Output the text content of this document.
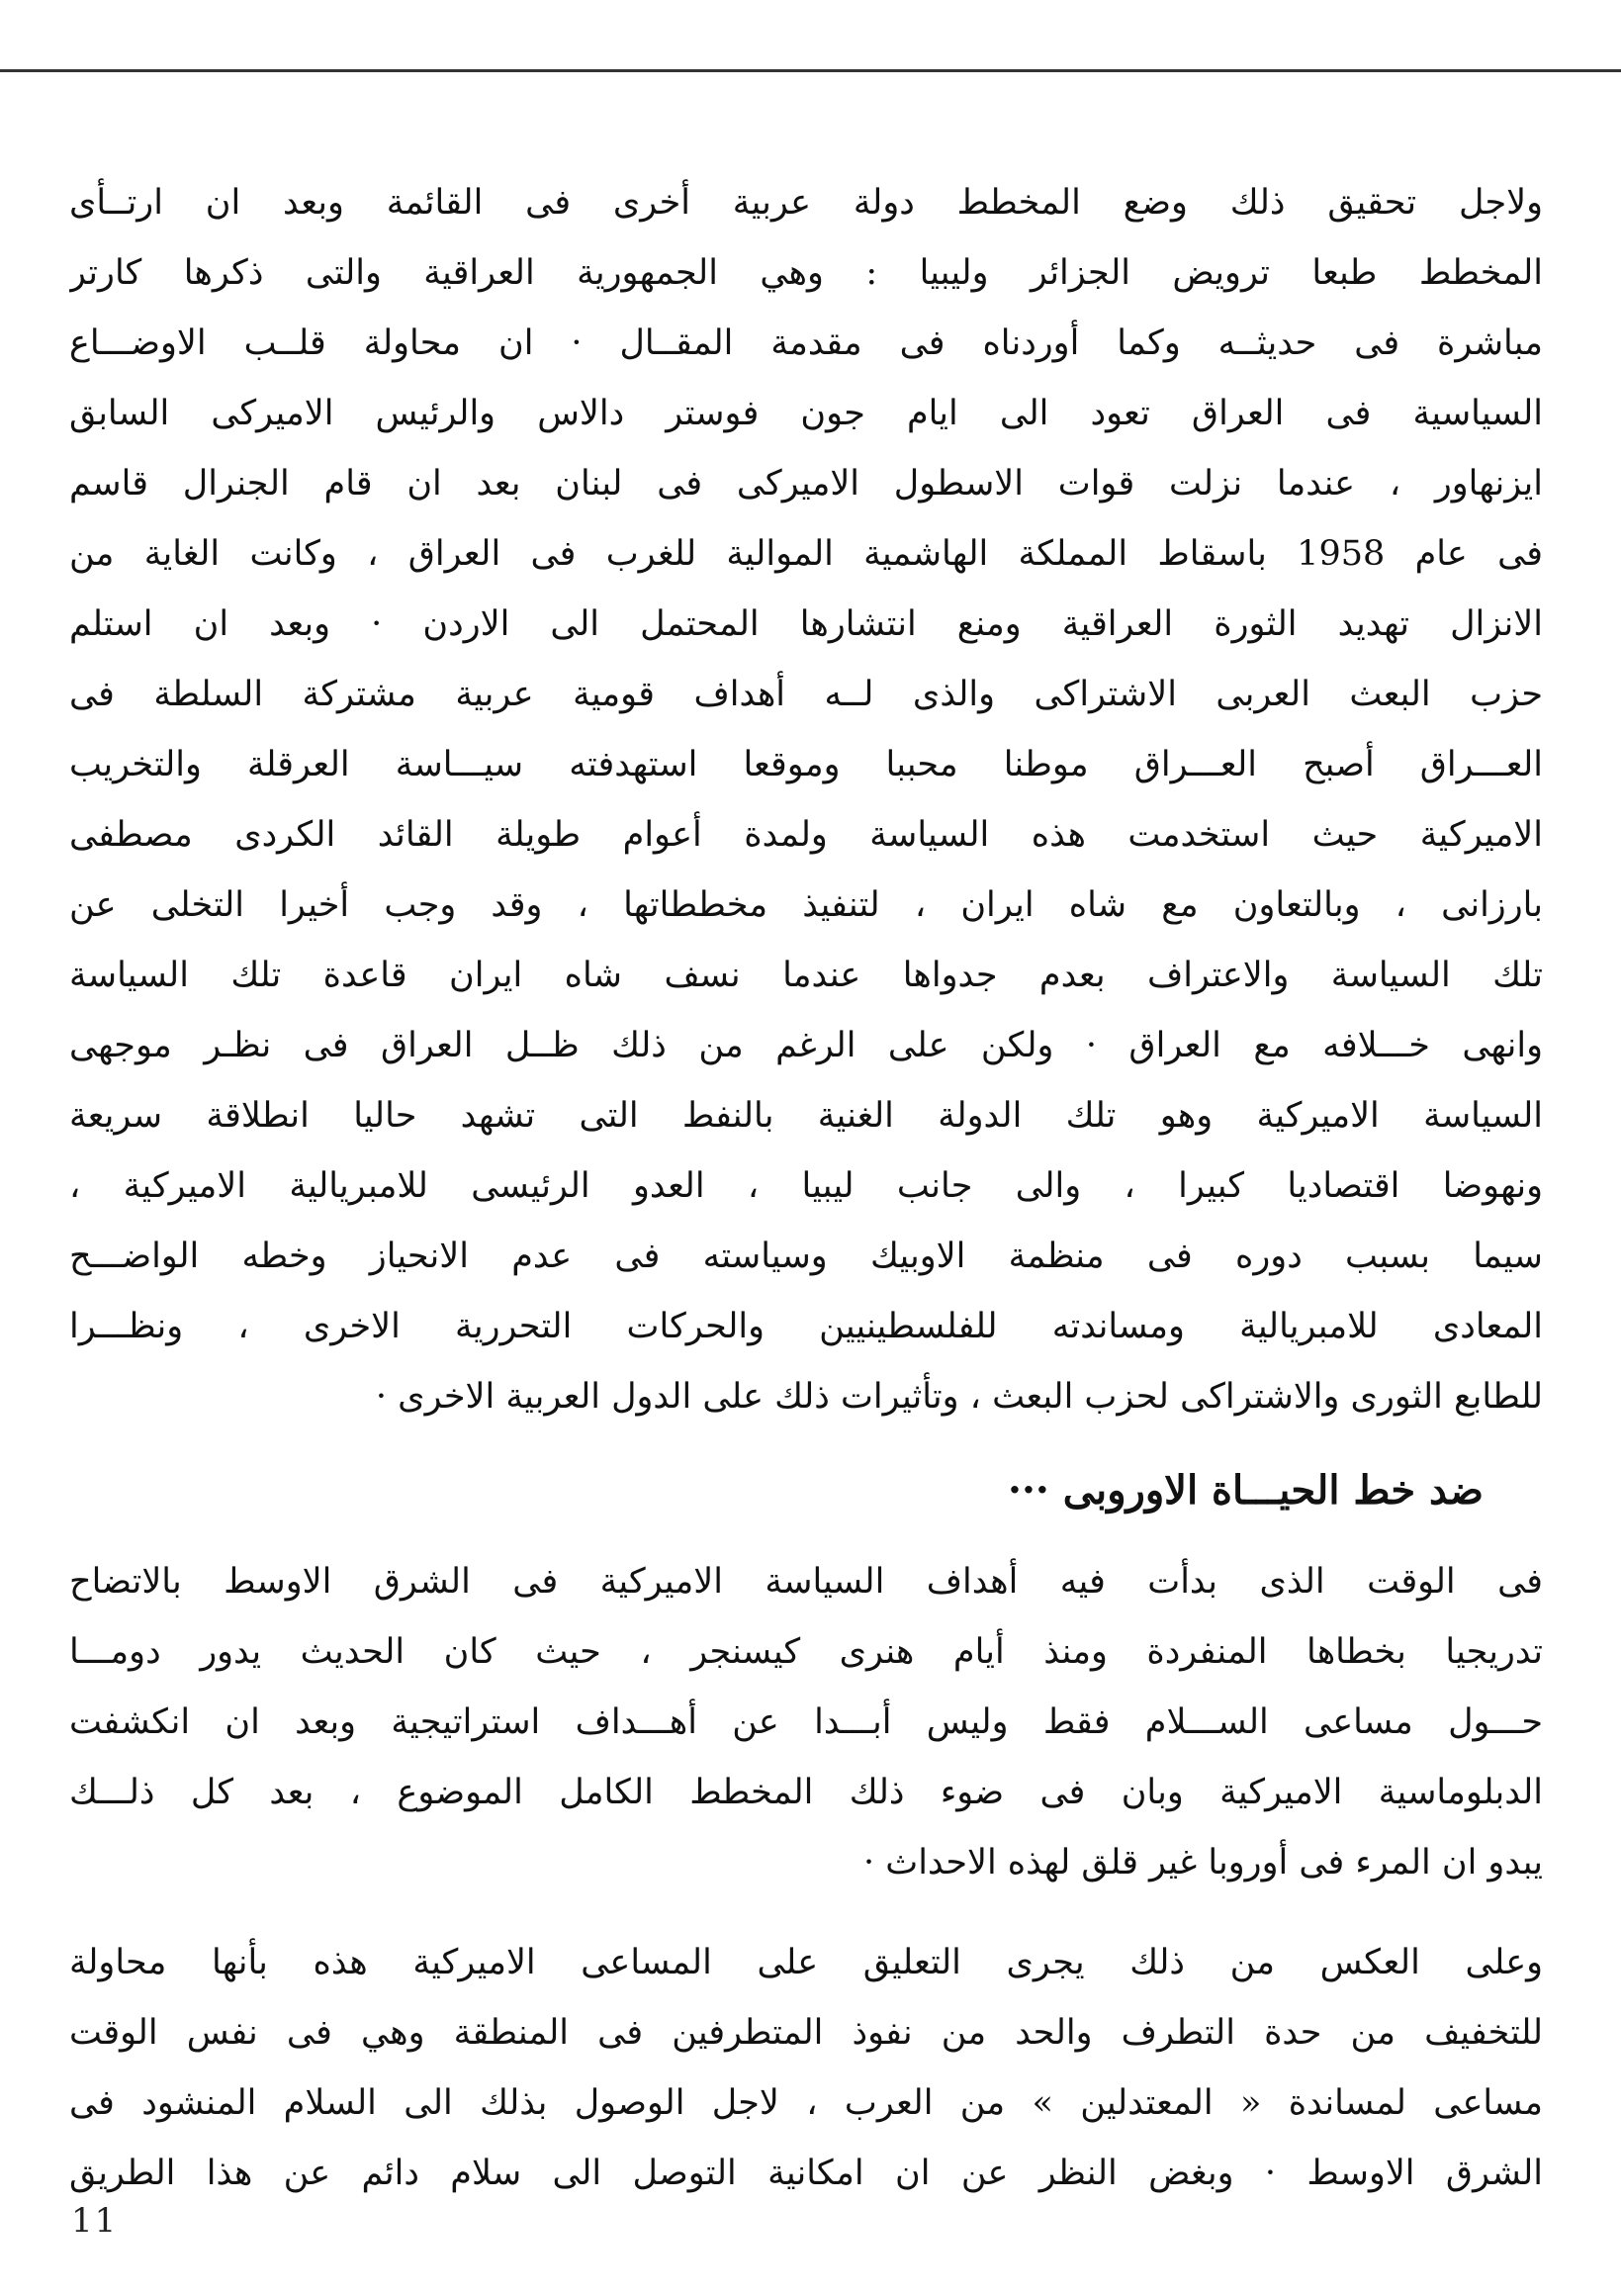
ولاجل تحقيق ذلك وضع المخطط دولة عربية أخرى فى القائمة وبعد ان ارتــأى

المخطط طبعا ترويض الجزائر وليبيا : وهي الجمهورية العراقية والتى ذكرها كارتر

مباشرة فى حديثــه وكما أوردناه فى مقدمة المقــال · ان محاولة قلــب الاوضـــاع

السياسية فى العراق تعود الى ايام جون فوستر دالاس والرئيس الاميركى السابق

ايزنهاور ، عندما نزلت قوات الاسطول الاميركى فى لبنان بعد ان قام الجنرال قاسم

فى عام 1958 باسقاط المملكة الهاشمية الموالية للغرب فى العراق ، وكانت الغاية من

الانزال تهديد الثورة العراقية ومنع انتشارها المحتمل الى الاردن · وبعد ان استلم

حزب البعث العربى الاشتراكى والذى لــه أهداف قومية عربية مشتركة السلطة فى

العـــراق أصبح العـــراق موطنا محببا وموقعا استهدفته سيـــاسة العرقلة والتخريب

الاميركية حيث استخدمت هذه السياسة ولمدة أعوام طويلة القائد الكردى مصطفى

بارزانى ، وبالتعاون مع شاه ايران ، لتنفيذ مخططاتها ، وقد وجب أخيرا التخلى عن

تلك السياسة والاعتراف بعدم جدواها عندما نسف شاه ايران قاعدة تلك السياسة

وانهى خـــلافه مع العراق · ولكن على الرغم من ذلك ظــل العراق فى نظـر موجهى

السياسة الاميركية وهو تلك الدولة الغنية بالنفط التى تشهد حاليا انطلاقة سريعة

ونهوضا اقتصاديا كبيرا ، والى جانب ليبيا ، العدو الرئيسى للامبريالية الاميركية ،

سيما بسبب دوره فى منظمة الاوبيك وسياسته فى عدم الانحياز وخطه الواضـــح

المعادى للامبريالية ومساندته للفلسطينيين والحركات التحررية الاخرى ، ونظـــرا

للطابع الثورى والاشتراكى لحزب البعث ، وتأثيرات ذلك على الدول العربية الاخرى ·

ضد خط الحيـــاة الاوروبى ···

فى الوقت الذى بدأت فيه أهداف السياسة الاميركية فى الشرق الاوسط بالاتضاح

تدريجيا بخطاها المنفردة ومنذ أيام هنرى كيسنجر ، حيث كان الحديث يدور دومـــا

حـــول مساعى الســـلام فقط وليس أبـــدا عن أهـــداف استراتيجية وبعد ان انكشفت

الدبلوماسية الاميركية وبان فى ضوء ذلك المخطط الكامل الموضوع ، بعد كل ذلـــك

يبدو ان المرء فى أوروبا غير قلق لهذه الاحداث ·

وعلى العكس من ذلك يجرى التعليق على المساعى الاميركية هذه بأنها محاولة

للتخفيف من حدة التطرف والحد من نفوذ المتطرفين فى المنطقة وهي فى نفس الوقت

مساعى لمساندة « المعتدلين » من العرب ، لاجل الوصول بذلك الى السلام المنشود فى

الشرق الاوسط · وبغض النظر عن ان امكانية التوصل الى سلام دائم عن هذا الطريق

11
